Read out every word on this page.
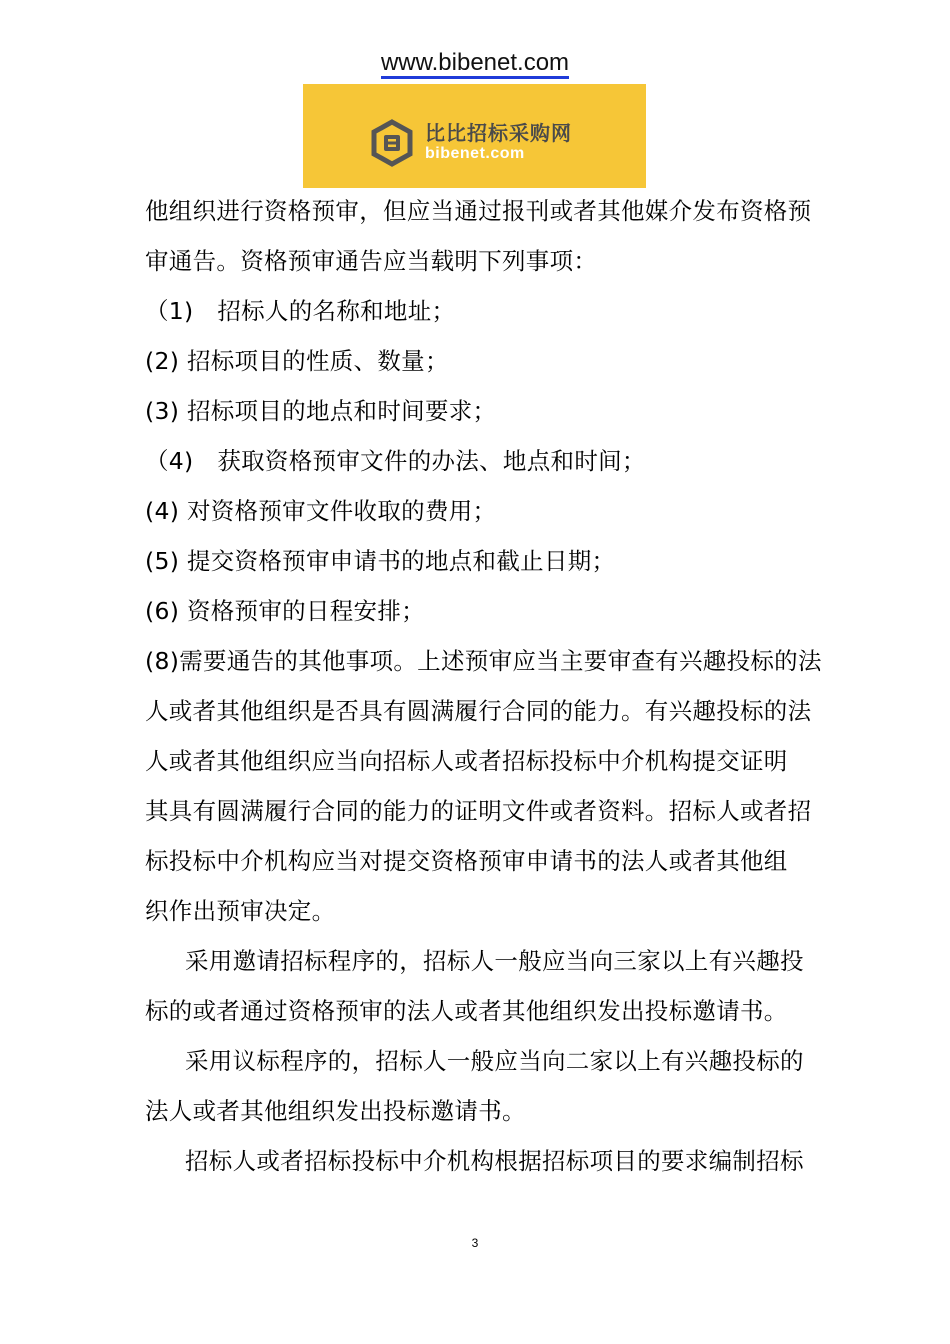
www.bibenet.com
比比招标采购网
bibenet.com
他组织进行资格预审，但应当通过报刊或者其他媒介发布资格预
审通告。资格预审通告应当载明下列事项：
（1)　招标人的名称和地址；
(2) 招标项目的性质、数量；
(3) 招标项目的地点和时间要求；
（4)　获取资格预审文件的办法、地点和时间；
(4) 对资格预审文件收取的费用；
(5) 提交资格预审申请书的地点和截止日期；
(6) 资格预审的日程安排；
(8)需要通告的其他事项。上述预审应当主要审查有兴趣投标的法
人或者其他组织是否具有圆满履行合同的能力。有兴趣投标的法
人或者其他组织应当向招标人或者招标投标中介机构提交证明
其具有圆满履行合同的能力的证明文件或者资料。招标人或者招
标投标中介机构应当对提交资格预审申请书的法人或者其他组
织作出预审决定。
采用邀请招标程序的，招标人一般应当向三家以上有兴趣投
标的或者通过资格预审的法人或者其他组织发出投标邀请书。
采用议标程序的，招标人一般应当向二家以上有兴趣投标的
法人或者其他组织发出投标邀请书。
招标人或者招标投标中介机构根据招标项目的要求编制招标
3
